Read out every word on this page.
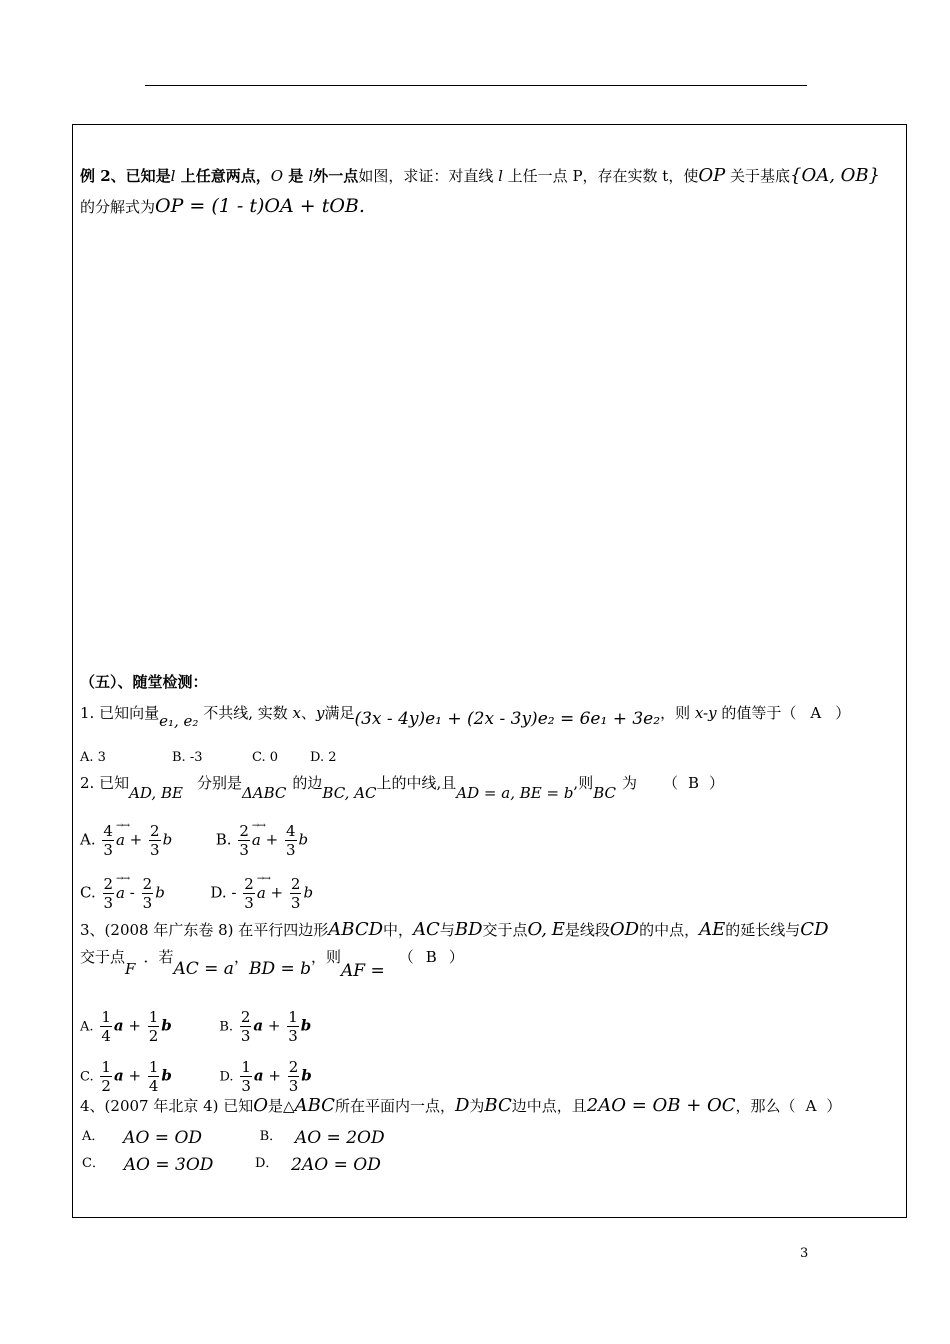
例 2、已知是l 上任意两点，O 是 l外一点如图，求证：对直线 l 上任一点 P，存在实数 t，使OP 关于基底{OA, OB}
的分解式为OP = (1 - t)OA + tOB.
（五）、随堂检测：
1. 已知向量e₁, e₂ 不共线, 实数 x、y满足(3x - 4y)e₁ + (2x - 3y)e₂ = 6e₁ + 3e₂，则 x-y 的值等于（ A ）
A. 3	B. -3	C. 0 D. 2
2. 已知AD, BE分别是ΔABC的边BC, AC上的中线,且AD = a, BE = b,则BC为 （ B ）
A. $\frac{4}{3}$ →→
$a + \frac{2}{3}$ b	B. $\frac{2}{3}$ →→
$a + \frac{4}{3}$ b
C. $\frac{2}{3}$ →→
a - $\frac{2}{3}$ b	D. - $\frac{2}{3}$ →→
$a + \frac{2}{3}$ b
3、(2008 年广东卷 8) 在平行四边形ABCD中，AC与BD交于点O, E是线段OD的中点，AE的延长线与CD
交于点F．若AC = a，BD = b，则AF =（ B ）
A. $\frac{1}{4}$ $a + \frac{1}{2}$ b	B. $\frac{2}{3}$ $a + \frac{1}{3}$ b
C. $\frac{1}{2}$ $a + \frac{1}{4}$ b	D. $\frac{1}{3}$ $a + \frac{2}{3}$ b
4、(2007 年北京 4) 已知O是△ABC所在平面内一点，D为BC边中点，且2AO = OB + OC，那么（ A ）
A． AO = OD	B． AO = 2OD
C． AO = 3OD	D． 2AO = OD
3
